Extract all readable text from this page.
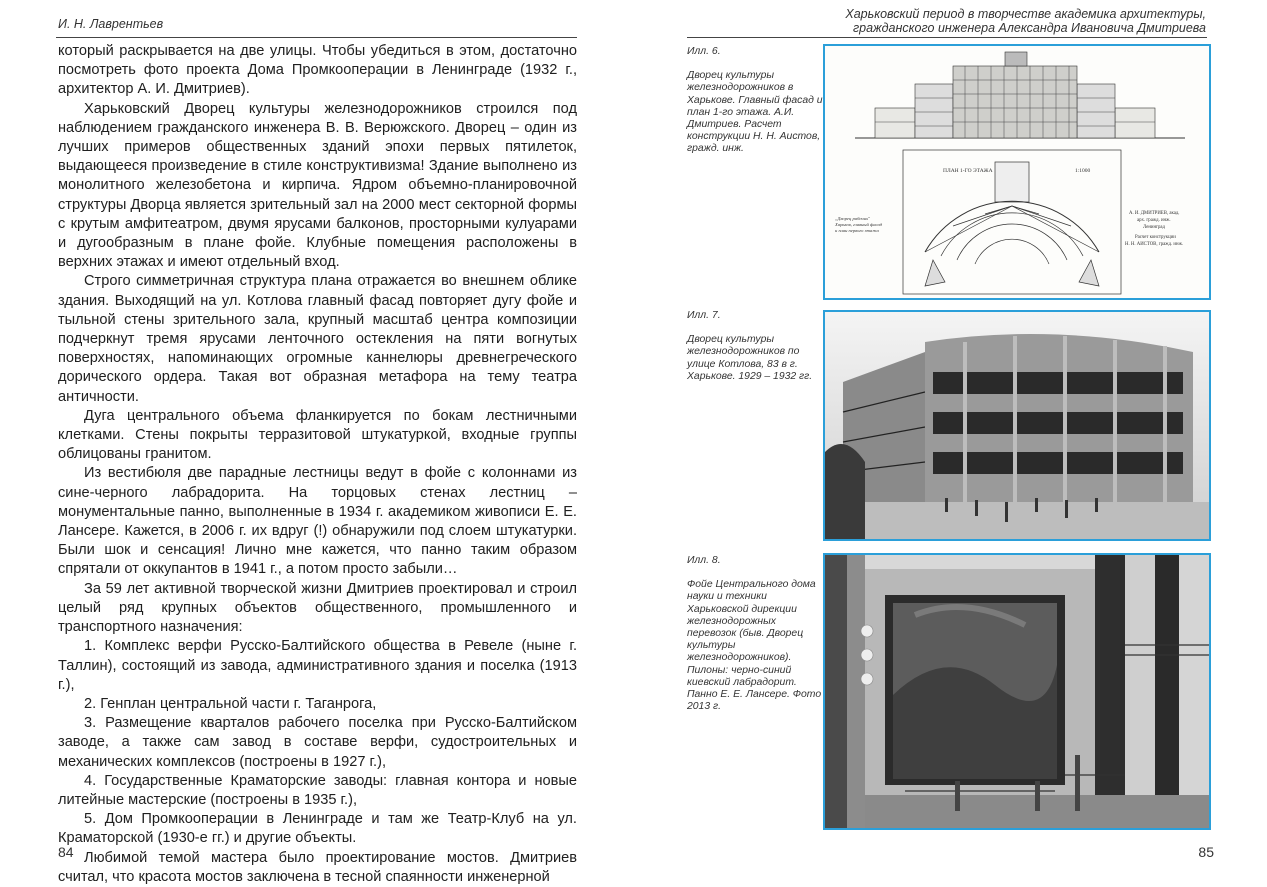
И. Н. Лаврентьев

который раскрывается на две улицы. Чтобы убедиться в этом, достаточно посмотреть фото проекта Дома Промкооперации в Ленинграде (1932 г., архитектор А. И. Дмитриев).

Харьковский Дворец культуры железнодорожников строился под наблюдением гражданского инженера В. В. Верюжского. Дворец – один из лучших примеров общественных зданий эпохи первых пятилеток, выдающееся произведение в стиле конструктивизма! Здание выполнено из монолитного железобетона и кирпича. Ядром объемно-планировочной структуры Дворца является зрительный зал на 2000 мест секторной формы с крутым амфитеатром, двумя ярусами балконов, просторными кулуарами и дугообразным в плане фойе. Клубные помещения расположены в верхних этажах и имеют отдельный вход.

Строго симметричная структура плана отражается во внешнем облике здания. Выходящий на ул. Котлова главный фасад повторяет дугу фойе и тыльной стены зрительного зала, крупный масштаб центра композиции подчеркнут тремя ярусами ленточного остекления на пяти вогнутых поверхностях, напоминающих огромные каннелюры древнегреческого дорического ордера. Такая вот образная метафора на тему театра античности.

Дуга центрального объема фланкируется по бокам лестничными клетками. Стены покрыты терразитовой штукатуркой, входные группы облицованы гранитом.

Из вестибюля две парадные лестницы ведут в фойе с колоннами из сине-черного лабрадорита. На торцовых стенах лестниц – монументальные панно, выполненные в 1934 г. академиком живописи Е. Е. Лансере. Кажется, в 2006 г. их вдруг (!) обнаружили под слоем штукатурки. Были шок и сенсация! Лично мне кажется, что панно таким образом спрятали от оккупантов в 1941 г., а потом просто забыли…

За 59 лет активной творческой жизни Дмитриев проектировал и строил целый ряд крупных объектов общественного, промышленного и транспортного назначения:

1. Комплекс верфи Русско-Балтийского общества в Ревеле (ныне г. Таллин), состоящий из завода, административного здания и поселка (1913 г.),

2. Генплан центральной части г. Таганрога,

3. Размещение кварталов рабочего поселка при Русско-Балтийском заводе, а также сам завод в составе верфи, судостроительных и механических комплексов (построены в 1927 г.),

4. Государственные Краматорские заводы: главная контора и новые литейные мастерские (построены в 1935 г.),

5. Дом Промкооперации в Ленинграде и там же Театр-Клуб на ул. Краматорской (1930-е гг.) и другие объекты.

Любимой темой мастера было проектирование мостов. Дмитриев считал, что красота мостов заключена в тесной спаянности инженерной

84
Харьковский период в творчестве академика архитектуры,
гражданского инженера Александра Ивановича Дмитриева
Илл. 6.
Дворец культуры железнодорожников в Харькове. Главный фасад и план 1-го этажа. А.И. Дмитриев. Расчет конструкции Н. Н. Аистов, гражд. инж.
ПЛАН 1-ГО ЭТАЖА	1:1000
„Дворец рабочих"
Харьков, главный фасад
и план первого этажа
А. И. ДМИТРИЕВ, акад.
арх. гражд. инж.
Ленинград
Расчет конструкции
Н. Н. АИСТОВ, гражд. инж.
Илл. 7.
Дворец культуры железнодорожников по улице Котлова, 83 в г. Харькове. 1929 – 1932 гг.
Илл. 8.
Фойе Центрального дома науки и техники Харьковской дирекции железнодорожных перевозок (быв. Дворец культуры железнодорожников). Пилоны: черно-синий киевский лабрадорит. Панно Е. Е. Лансере. Фото 2013 г.
85
